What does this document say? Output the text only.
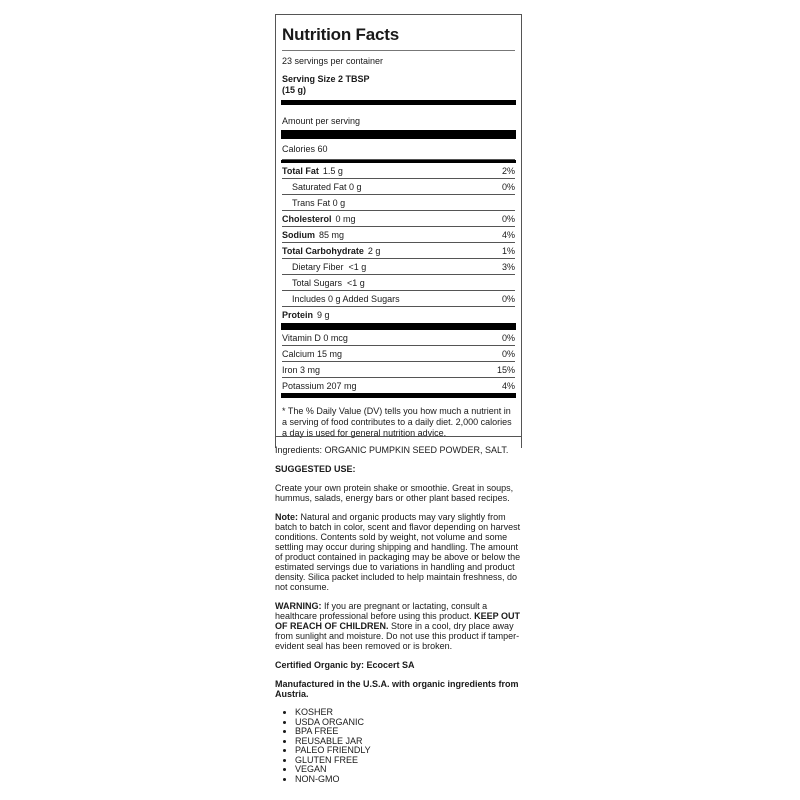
Nutrition Facts
23 servings per container
Serving Size 2 TBSP
(15 g)
Amount per serving
Calories 60
Total Fat 1.5 g	2%
Saturated Fat 0 g	0%
Trans Fat 0 g
Cholesterol 0 mg	0%
Sodium 85 mg	4%
Total Carbohydrate 2 g	1%
Dietary Fiber  <1 g	3%
Total Sugars  <1 g
Includes 0 g Added Sugars	0%
Protein 9 g
Vitamin D 0 mcg	0%
Calcium 15 mg	0%
Iron 3 mg	15%
Potassium 207 mg	4%
* The % Daily Value (DV) tells you how much a nutrient in a serving of food contributes to a daily diet. 2,000 calories a day is used for general nutrition advice.

Ingredients: ORGANIC PUMPKIN SEED POWDER, SALT.

SUGGESTED USE:

Create your own protein shake or smoothie. Great in soups, hummus, salads, energy bars or other plant based recipes.

Note: Natural and organic products may vary slightly from batch to batch in color, scent and flavor depending on harvest conditions. Contents sold by weight, not volume and some settling may occur during shipping and handling. The amount of product contained in packaging may be above or below the estimated servings due to variations in handling and product density. Silica packet included to help maintain freshness, do not consume.

WARNING: If you are pregnant or lactating, consult a healthcare professional before using this product. KEEP OUT OF REACH OF CHILDREN. Store in a cool, dry place away from sunlight and moisture. Do not use this product if tamper-evident seal has been removed or is broken.

Certified Organic by: Ecocert SA

Manufactured in the U.S.A. with organic ingredients from Austria.

• KOSHER
• USDA ORGANIC
• BPA FREE
• REUSABLE JAR
• PALEO FRIENDLY
• GLUTEN FREE
• VEGAN
• NON-GMO
